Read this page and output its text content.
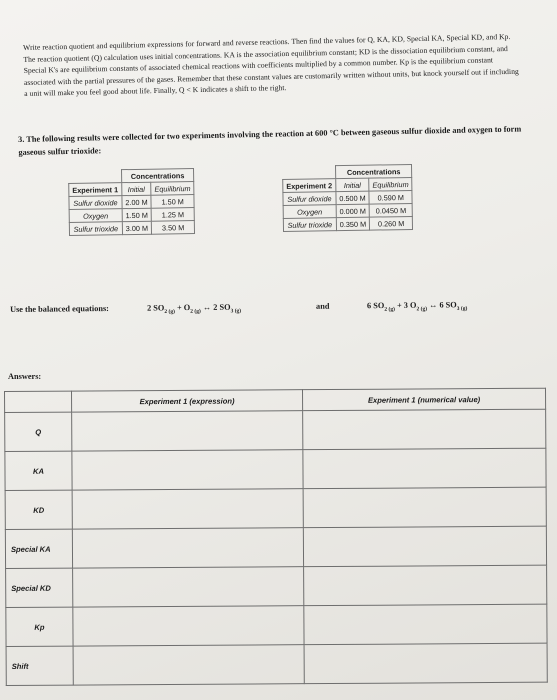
Write reaction quotient and equilibrium expressions for forward and reverse reactions. Then find the values for Q, KA, KD, Special KA, Special KD, and Kp. The reaction quotient (Q) calculation uses initial concentrations. KA is the association equilibrium constant; KD is the dissociation equilibrium constant, and Special K's are equilibrium constants of associated chemical reactions with coefficients multiplied by a common number. Kp is the equilibrium constant associated with the partial pressures of the gases. Remember that these constant values are customarily written without units, but knock yourself out if including a unit will make you feel good about life. Finally, Q < K indicates a shift to the right.
3. The following results were collected for two experiments involving the reaction at 600 °C between gaseous sulfur dioxide and oxygen to form gaseous sulfur trioxide:
	Concentrations	
Experiment 1	Initial	Equilibrium
Sulfur dioxide	2.00 M	1.50 M
Oxygen	1.50 M	1.25 M
Sulfur trioxide	3.00 M	3.50 M
	Concentrations	
Experiment 2	Initial	Equilibrium
Sulfur dioxide	0.500 M	0.590 M
Oxygen	0.000 M	0.0450 M
Sulfur trioxide	0.350 M	0.260 M
Use the balanced equations:	2 $SO_{2 (g)} + O_{2 (g)}$ ↔ 2 $SO_{3 (g)}$
and	6 $SO_{2 (g)} + 3$ $O_{2 (g)}$ ↔ 6 $SO_{3 (g)}$
Answers:
	Experiment 1 (expression)	Experiment 1 (numerical value)
Q		
KA		
KD		
Special KA		
Special KD		
Kp		
Shift		
